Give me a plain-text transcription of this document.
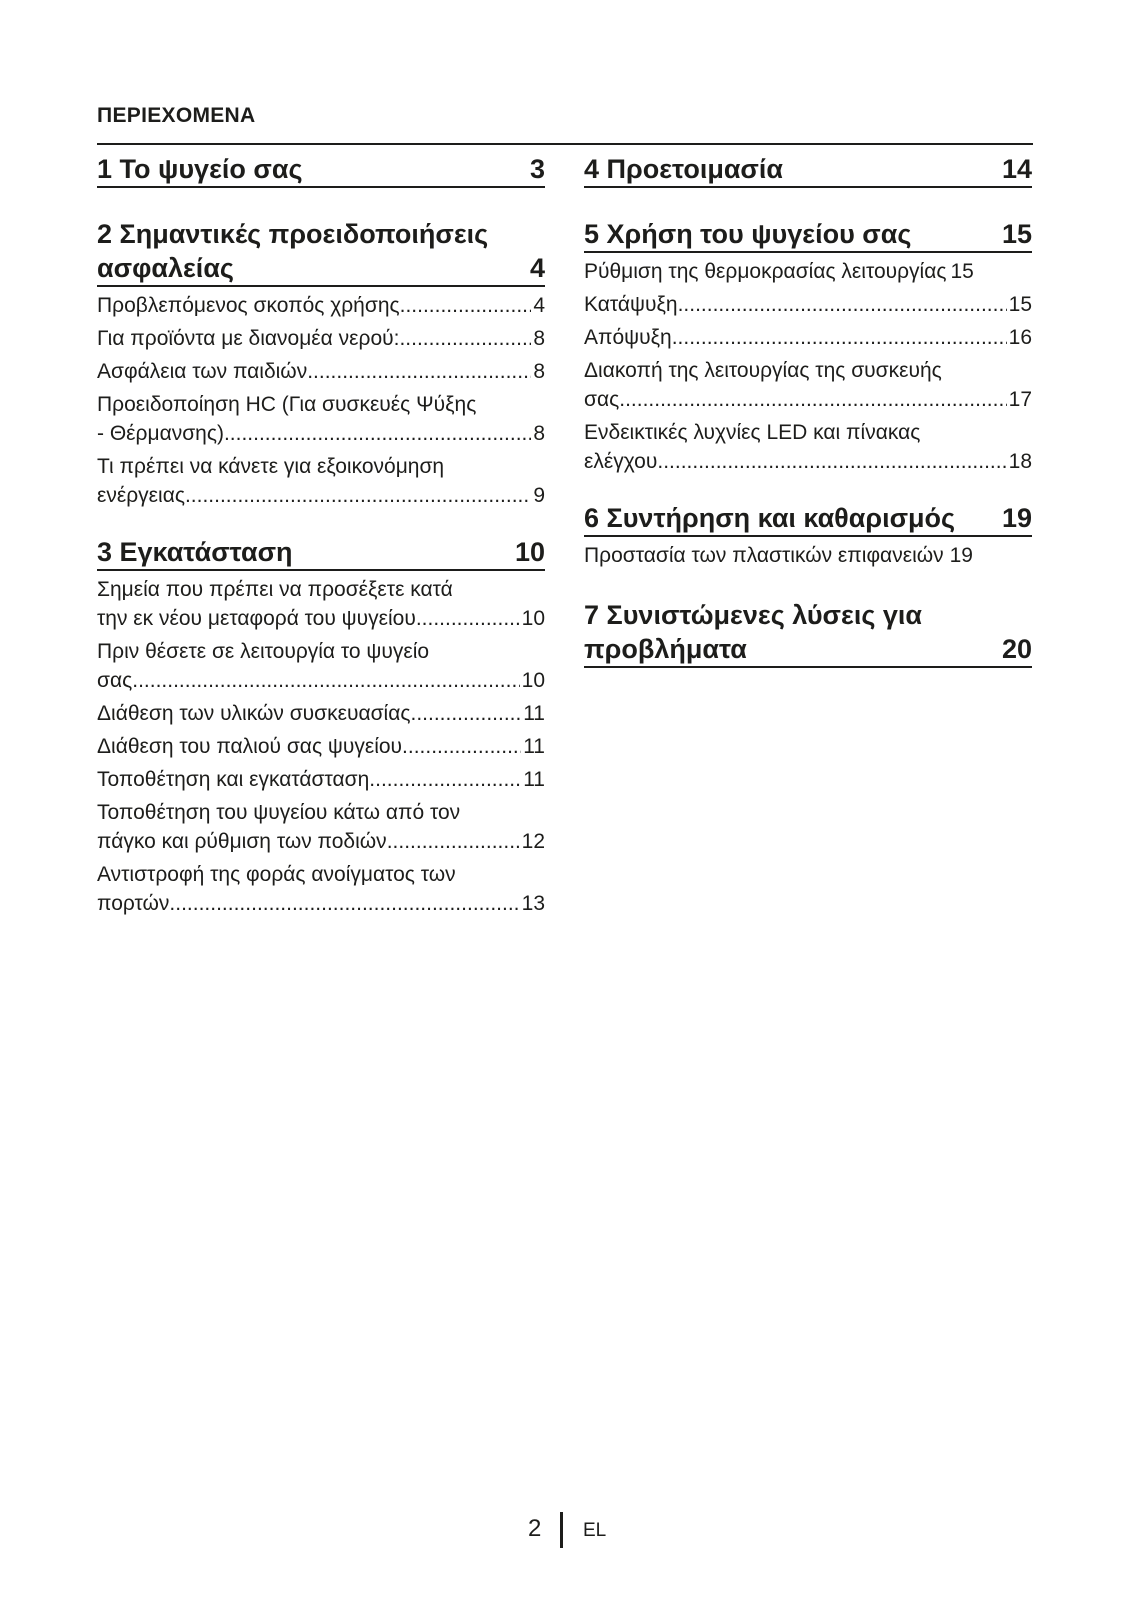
ΠΕΡΙΕΧΟΜΕΝΑ
1 Το ψυγείο σας	3
2 Σημαντικές προειδοποιήσεις
ασφαλείας	4
Προβλεπόμενος σκοπός χρήσης .....	4
Για προϊόντα με διανομέα νερού: .....	8
Ασφάλεια των παιδιών .....	8
Προειδοποίηση HC (Για συσκευές Ψύξης
- Θέρμανσης) .....	8
Τι πρέπει να κάνετε για εξοικονόμηση
ενέργειας .....	9
3 Εγκατάσταση	10
Σημεία που πρέπει να προσέξετε κατά
την εκ νέου μεταφορά του ψυγείου .....	10
Πριν θέσετε σε λειτουργία το ψυγείο
σας .....	10
Διάθεση των υλικών συσκευασίας .....	11
Διάθεση του παλιού σας ψυγείου .....	11
Τοποθέτηση και εγκατάσταση .....	11
Τοποθέτηση του ψυγείου κάτω από τον
πάγκο και ρύθμιση των ποδιών .....	12
Αντιστροφή της φοράς ανοίγματος των
πορτών .....	13
4 Προετοιμασία	14
5 Χρήση του ψυγείου σας	15
Ρύθμιση της θερμοκρασίας λειτουργίας 15
Κατάψυξη .....	15
Απόψυξη .....	16
Διακοπή της λειτουργίας της συσκευής
σας .....	17
Ενδεικτικές λυχνίες LED και πίνακας
ελέγχου .....	18
6 Συντήρηση και καθαρισμός 19
Προστασία των πλαστικών επιφανειών 19
7 Συνιστώμενες λύσεις για
προβλήματα	20
2 EL
